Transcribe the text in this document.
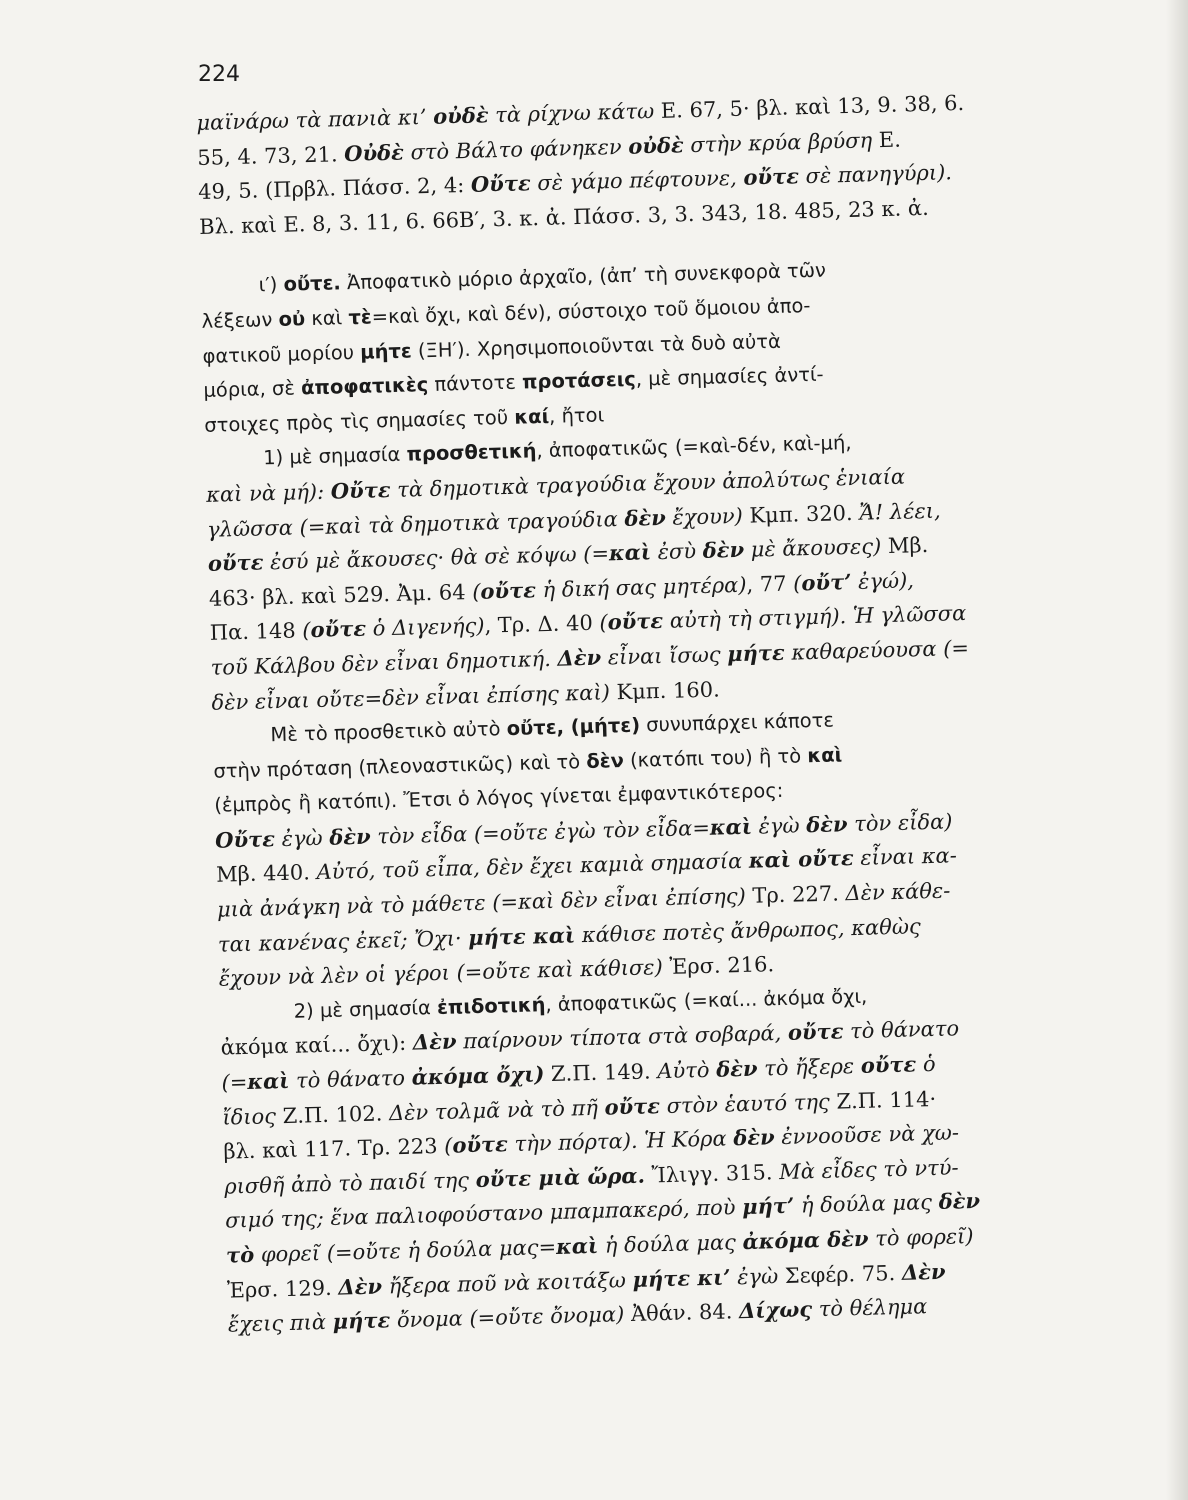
224
μαϊνάρω τὰ πανιὰ κι’ οὐδὲ τὰ ρίχνω κάτω Ε. 67, 5· βλ. καὶ 13, 9. 38, 6.
55, 4. 73, 21. Οὐδὲ στὸ Βάλτο φάνηκεν οὐδὲ στὴν κρύα βρύση Ε.
49, 5. (Πρβλ. Πάσσ. 2, 4: Οὔτε σὲ γάμο πέφτουνε, οὔτε σὲ πανηγύρι).
Βλ. καὶ Ε. 8, 3. 11, 6. 66Β′, 3. κ. ἀ. Πάσσ. 3, 3. 343, 18. 485, 23 κ. ἀ.
ι′) οὔτε. Ἀποφατικὸ μόριο ἀρχαῖο, (ἀπ’ τὴ συνεκφορὰ τῶν
λέξεων οὐ καὶ τὲ=καὶ ὄχι, καὶ δέν), σύστοιχο τοῦ ὅμοιου ἀπο-
φατικοῦ μορίου μήτε (ΞΗ′). Χρησιμοποιοῦνται τὰ δυὸ αὐτὰ
μόρια, σὲ ἀποφατικὲς πάντοτε προτάσεις, μὲ σημασίες ἀντί-
στοιχες πρὸς τὶς σημασίες τοῦ καί, ἤτοι
1) μὲ σημασία προσθετική, ἀποφατικῶς (=καὶ-δέν, καὶ-μή,
καὶ νὰ μή): Οὔτε τὰ δημοτικὰ τραγούδια ἔχουν ἀπολύτως ἑνιαία
γλῶσσα (=καὶ τὰ δημοτικὰ τραγούδια δὲν ἔχουν) Κμπ. 320. Ἄ! λέει,
οὔτε ἐσύ μὲ ἄκουσες· θὰ σὲ κόψω (=καὶ ἐσὺ δὲν μὲ ἄκουσες) Μβ.
463· βλ. καὶ 529. Ἀμ. 64 (οὔτε ἡ δική σας μητέρα), 77 (οὔτ’ ἐγώ),
Πα. 148 (οὔτε ὁ Διγενής), Τρ. Δ. 40 (οὔτε αὐτὴ τὴ στιγμή). Ἡ γλῶσσα
τοῦ Κάλβου δὲν εἶναι δημοτική. Δὲν εἶναι ἴσως μήτε καθαρεύουσα (=
δὲν εἶναι οὔτε=δὲν εἶναι ἐπίσης καὶ) Κμπ. 160.
Μὲ τὸ προσθετικὸ αὐτὸ οὔτε, (μήτε) συνυπάρχει κάποτε
στὴν πρόταση (πλεοναστικῶς) καὶ τὸ δὲν (κατόπι του) ἢ τὸ καὶ
(ἐμπρὸς ἢ κατόπι). Ἔτσι ὁ λόγος γίνεται ἐμφαντικότερος:
Οὔτε ἐγὼ δὲν τὸν εἶδα (=οὔτε ἐγὼ τὸν εἶδα=καὶ ἐγὼ δὲν τὸν εἶδα)
Μβ. 440. Αὐτό, τοῦ εἶπα, δὲν ἔχει καμιὰ σημασία καὶ οὔτε εἶναι κα-
μιὰ ἀνάγκη νὰ τὸ μάθετε (=καὶ δὲν εἶναι ἐπίσης) Τρ. 227. Δὲν κάθε-
ται κανένας ἐκεῖ; Ὄχι· μήτε καὶ κάθισε ποτὲς ἄνθρωπος, καθὼς
ἔχουν νὰ λὲν οἱ γέροι (=οὔτε καὶ κάθισε) Ἐρσ. 216.
2) μὲ σημασία ἐπιδοτική, ἀποφατικῶς (=καί... ἀκόμα ὄχι,
ἀκόμα καί... ὄχι): Δὲν παίρνουν τίποτα στὰ σοβαρά, οὔτε τὸ θάνατο
(=καὶ τὸ θάνατο ἀκόμα ὄχι) Ζ.Π. 149. Αὐτὸ δὲν τὸ ἤξερε οὔτε ὁ
ἴδιος Ζ.Π. 102. Δὲν τολμᾶ νὰ τὸ πῆ οὔτε στὸν ἑαυτό της Ζ.Π. 114·
βλ. καὶ 117. Τρ. 223 (οὔτε τὴν πόρτα). Ἡ Κόρα δὲν ἐννοοῦσε νὰ χω-
ρισθῆ ἀπὸ τὸ παιδί της οὔτε μιὰ ὥρα. Ἴλιγγ. 315. Μὰ εἶδες τὸ ντύ-
σιμό της; ἕνα παλιοφούστανο μπαμπακερό, ποὺ μήτ’ ἡ δούλα μας δὲν
τὸ φορεῖ (=οὔτε ἡ δούλα μας=καὶ ἡ δούλα μας ἀκόμα δὲν τὸ φορεῖ)
Ἐρσ. 129. Δὲν ἤξερα ποῦ νὰ κοιτάξω μήτε κι’ ἐγὼ Σεφέρ. 75. Δὲν
ἔχεις πιὰ μήτε ὄνομα (=οὔτε ὄνομα) Ἀθάν. 84. Δίχως τὸ θέλημα
